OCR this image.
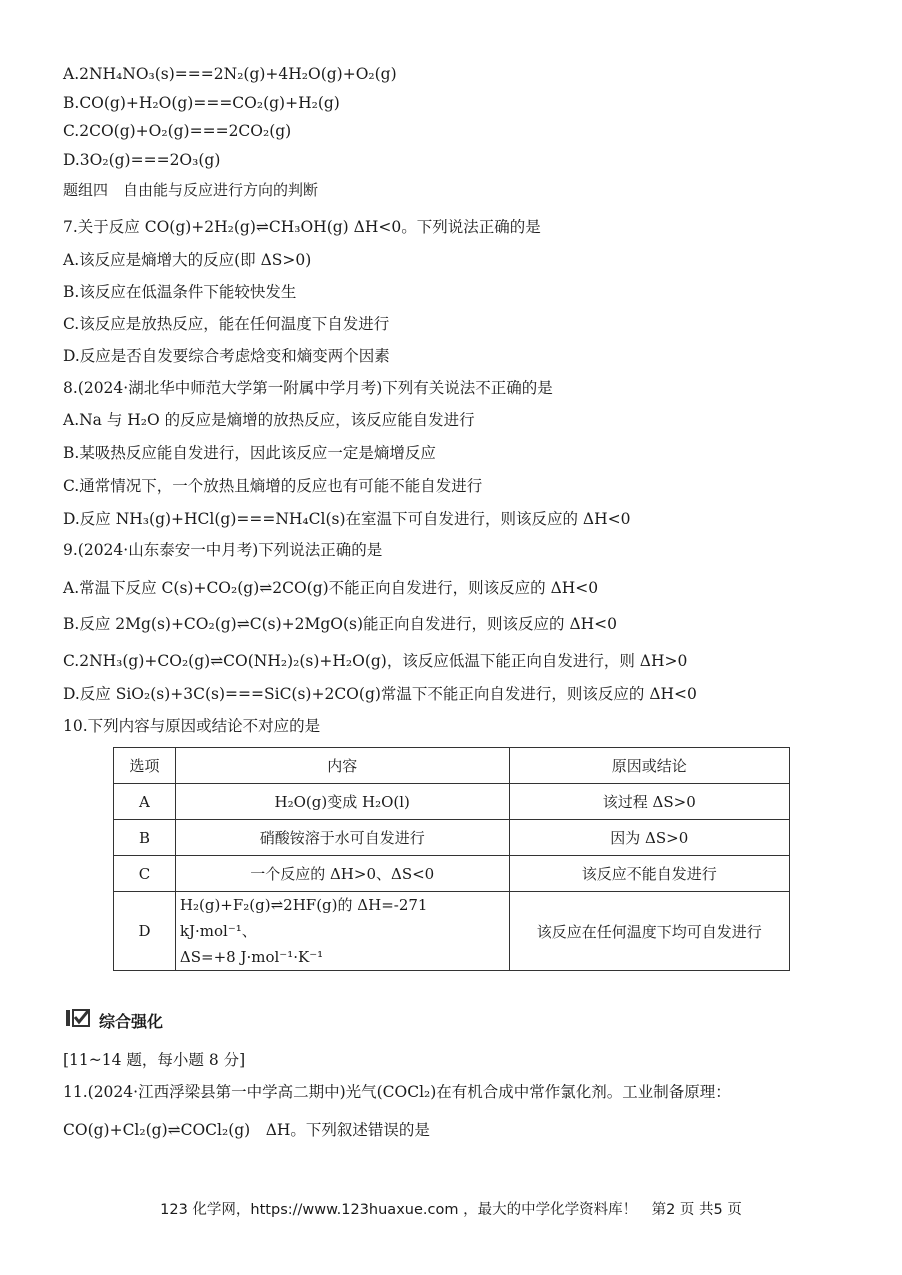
A.2NH₄NO₃(s)===2N₂(g)+4H₂O(g)+O₂(g)
B.CO(g)+H₂O(g)===CO₂(g)+H₂(g)
C.2CO(g)+O₂(g)===2CO₂(g)
D.3O₂(g)===2O₃(g)
题组四　自由能与反应进行方向的判断
7.关于反应 CO(g)+2H₂(g)⇌CH₃OH(g) ΔH<0。下列说法正确的是
A.该反应是熵增大的反应(即 ΔS>0)
B.该反应在低温条件下能较快发生
C.该反应是放热反应，能在任何温度下自发进行
D.反应是否自发要综合考虑焓变和熵变两个因素
8.(2024·湖北华中师范大学第一附属中学月考)下列有关说法不正确的是
A.Na 与 H₂O 的反应是熵增的放热反应，该反应能自发进行
B.某吸热反应能自发进行，因此该反应一定是熵增反应
C.通常情况下，一个放热且熵增的反应也有可能不能自发进行
D.反应 NH₃(g)+HCl(g)===NH₄Cl(s)在室温下可自发进行，则该反应的 ΔH<0
9.(2024·山东泰安一中月考)下列说法正确的是
A.常温下反应 C(s)+CO₂(g)⇌2CO(g)不能正向自发进行，则该反应的 ΔH<0
B.反应 2Mg(s)+CO₂(g)⇌C(s)+2MgO(s)能正向自发进行，则该反应的 ΔH<0
C.2NH₃(g)+CO₂(g)⇌CO(NH₂)₂(s)+H₂O(g)，该反应低温下能正向自发进行，则 ΔH>0
D.反应 SiO₂(s)+3C(s)===SiC(s)+2CO(g)常温下不能正向自发进行，则该反应的 ΔH<0
10.下列内容与原因或结论不对应的是
选项	内容	原因或结论
A	H₂O(g)变成 H₂O(l)	该过程 ΔS>0
B	硝酸铵溶于水可自发进行	因为 ΔS>0
C	一个反应的 ΔH>0、ΔS<0	该反应不能自发进行
D	H₂(g)+F₂(g)⇌2HF(g)的 ΔH=-271 kJ·mol⁻¹、
ΔS=+8 J·mol⁻¹·K⁻¹	该反应在任何温度下均可自发进行
综合强化
[11~14 题，每小题 8 分]
11.(2024·江西浮梁县第一中学高二期中)光气(COCl₂)在有机合成中常作氯化剂。工业制备原理：
CO(g)+Cl₂(g)⇌COCl₂(g)　ΔH。下列叙述错误的是
123 化学网，https://www.123huaxue.com ，最大的中学化学资料库！　第2 页 共5 页
